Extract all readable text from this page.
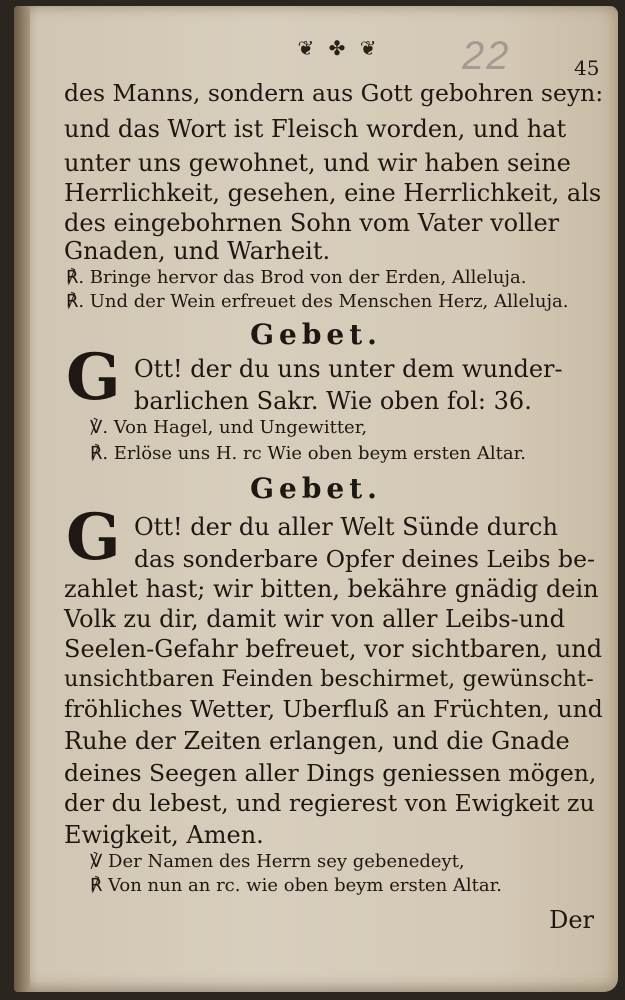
❦ ✤ ❦	22	45
des Manns, sondern aus Gott gebohren seyn:
und das Wort ist Fleisch worden, und hat
unter uns gewohnet, und wir haben seine
Herrlichkeit, gesehen, eine Herrlichkeit, als
des eingebohrnen Sohn vom Vater voller
Gnaden, und Warheit.
℟. Bringe hervor das Brod von der Erden, Alleluja.
℟. Und der Wein erfreuet des Menschen Herz, Alleluja.
Gebet.
G Ott! der du uns unter dem wunder-
barlichen Sakr. Wie oben fol: 36.
℣. Von Hagel, und Ungewitter,
℟. Erlöse uns H. rc Wie oben beym ersten Altar.
Gebet.
G Ott! der du aller Welt Sünde durch
das sonderbare Opfer deines Leibs be-
zahlet hast; wir bitten, bekähre gnädig dein
Volk zu dir, damit wir von aller Leibs-und
Seelen-Gefahr befreuet, vor sichtbaren, und
unsichtbaren Feinden beschirmet, gewünscht-
fröhliches Wetter, Uberfluß an Früchten, und
Ruhe der Zeiten erlangen, und die Gnade
deines Seegen aller Dings geniessen mögen,
der du lebest, und regierest von Ewigkeit zu
Ewigkeit, Amen.
℣ Der Namen des Herrn sey gebenedeyt,
℟ Von nun an rc. wie oben beym ersten Altar.
Der
